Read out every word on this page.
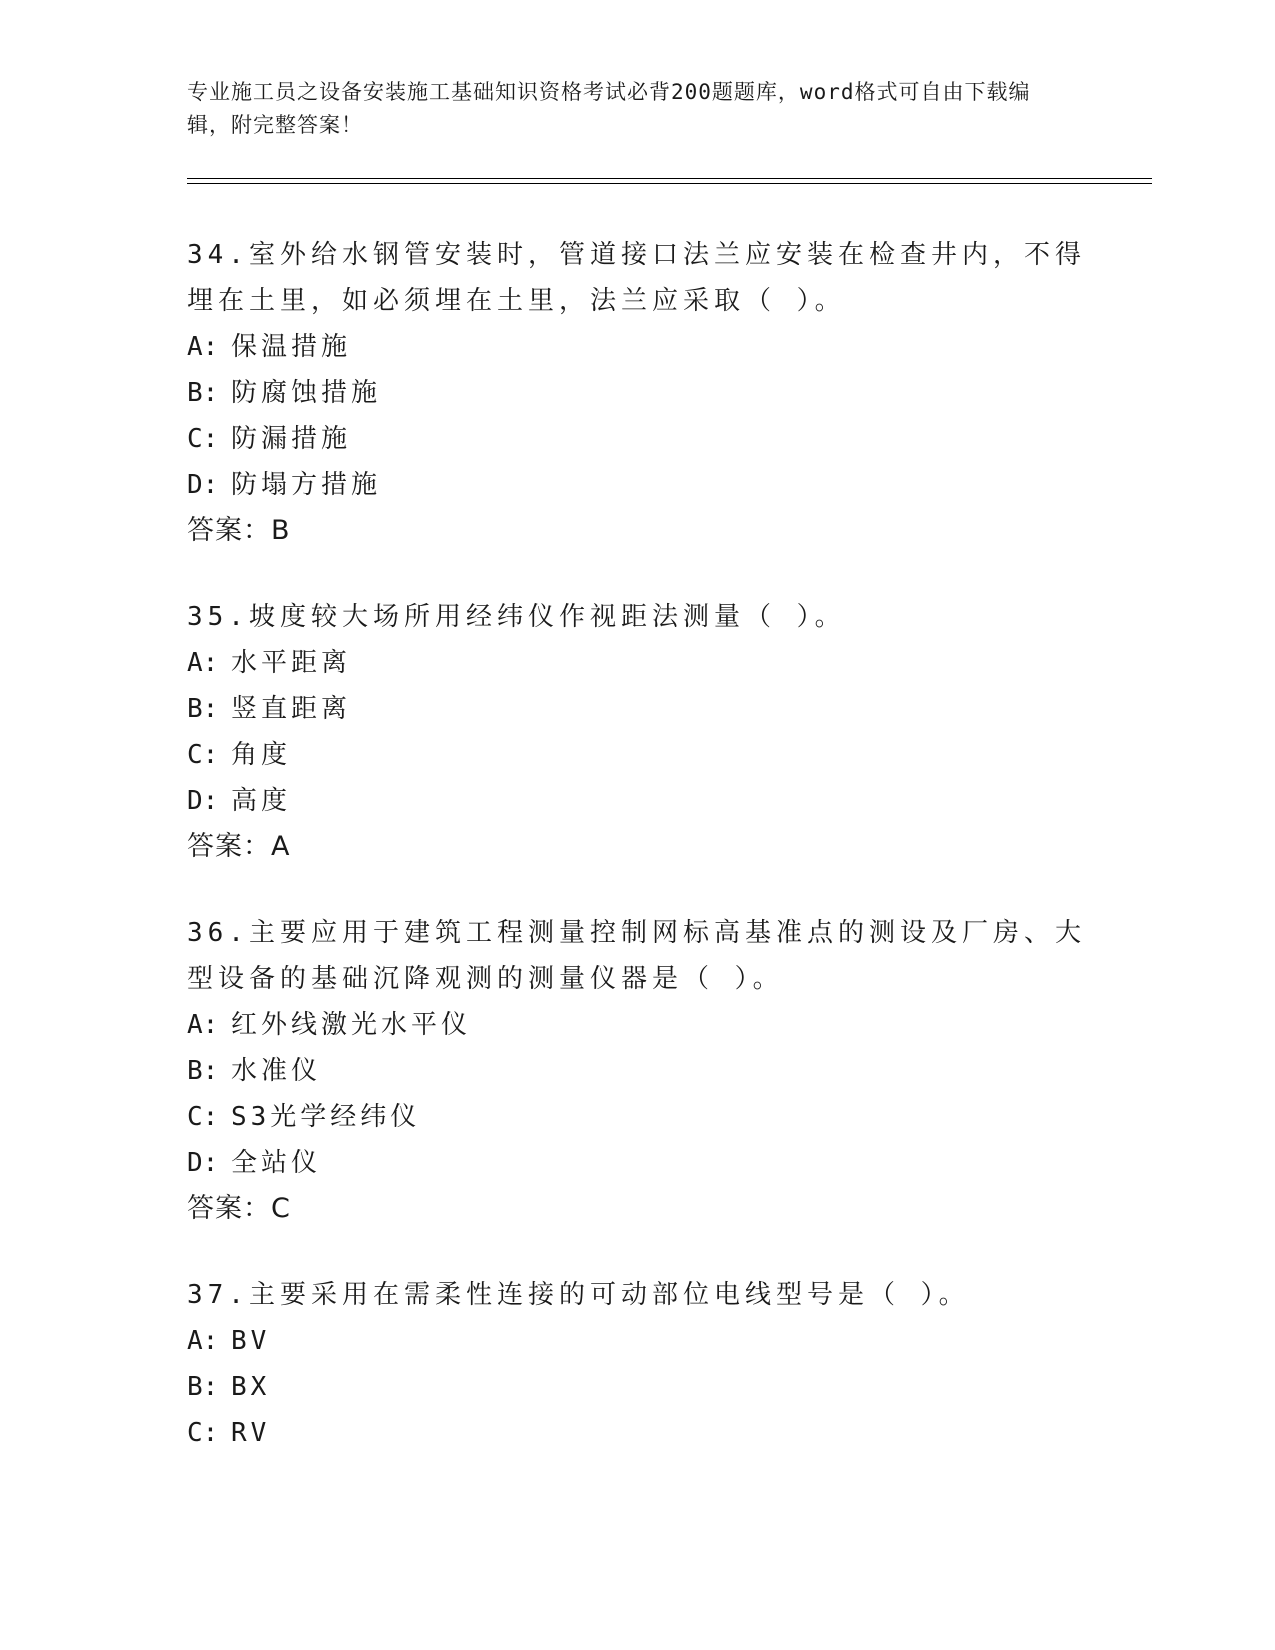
专业施工员之设备安装施工基础知识资格考试必背200题题库，word格式可自由下载编辑，附完整答案！

34.室外给水钢管安装时，管道接口法兰应安装在检查井内，不得埋在土里，如必须埋在土里，法兰应采取（ ）。

A: 保温措施

B: 防腐蚀措施

C: 防漏措施

D: 防塌方措施

答案：B

35.坡度较大场所用经纬仪作视距法测量（ ）。

A: 水平距离

B: 竖直距离

C: 角度

D: 高度

答案：A

36.主要应用于建筑工程测量控制网标高基准点的测设及厂房、大型设备的基础沉降观测的测量仪器是（ ）。

A: 红外线激光水平仪

B: 水准仪

C: S3光学经纬仪

D: 全站仪

答案：C

37.主要采用在需柔性连接的可动部位电线型号是（ ）。

A: BV

B: BX

C: RV
